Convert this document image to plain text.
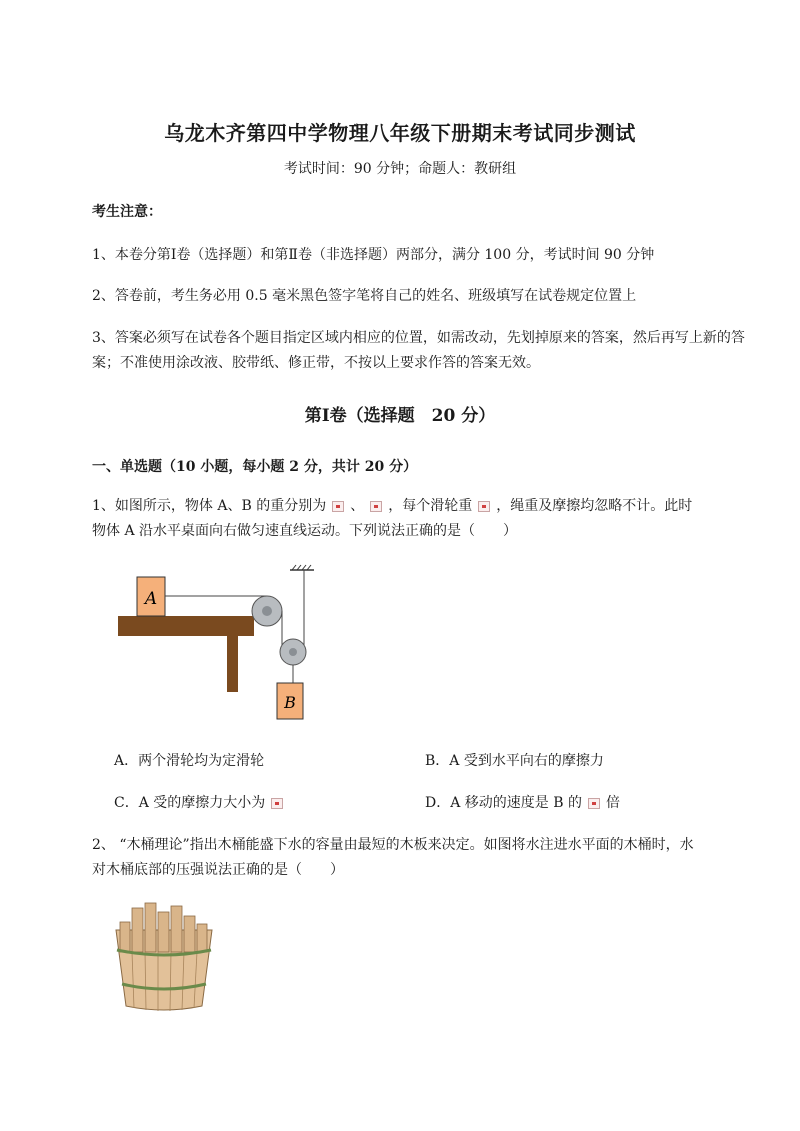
乌龙木齐第四中学物理八年级下册期末考试同步测试
考试时间：90 分钟；命题人：教研组
考生注意：
1、本卷分第Ⅰ卷（选择题）和第Ⅱ卷（非选择题）两部分，满分 100 分，考试时间 90 分钟
2、答卷前，考生务必用 0.5 毫米黑色签字笔将自己的姓名、班级填写在试卷规定位置上
3、答案必须写在试卷各个题目指定区域内相应的位置，如需改动，先划掉原来的答案，然后再写上新的答案；不准使用涂改液、胶带纸、修正带，不按以上要求作答的答案无效。
第Ⅰ卷（选择题　20 分）
一、单选题（10 小题，每小题 2 分，共计 20 分）
1、如图所示，物体 A、B 的重分别为 、 ，每个滑轮重 ，绳重及摩擦均忽略不计。此时
物体 A 沿水平桌面向右做匀速直线运动。下列说法正确的是（　　）
A
B
A．两个滑轮均为定滑轮	B．A 受到水平向右的摩擦力
C．A 受的摩擦力大小为	D．A 移动的速度是 B 的 倍
2、 “木桶理论”指出木桶能盛下水的容量由最短的木板来决定。如图将水注进水平面的木桶时，水
对木桶底部的压强说法正确的是（　　）
